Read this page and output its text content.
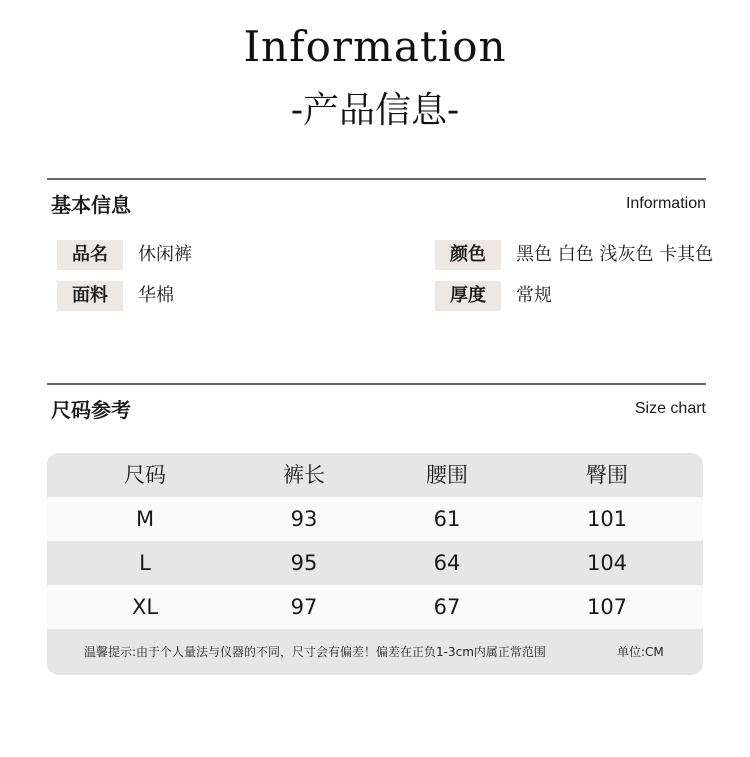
Information
-产品信息-
基本信息	Information
品名	休闲裤	颜色	黑色 白色 浅灰色 卡其色
面料	华棉	厚度	常规
尺码参考	Size chart
尺码	裤长	腰围	臀围
M	93	61	101
L	95	64	104
XL	97	67	107
温馨提示:由于个人量法与仪器的不同，尺寸会有偏差！偏差在正负1-3cm内属正常范围	单位:CM
